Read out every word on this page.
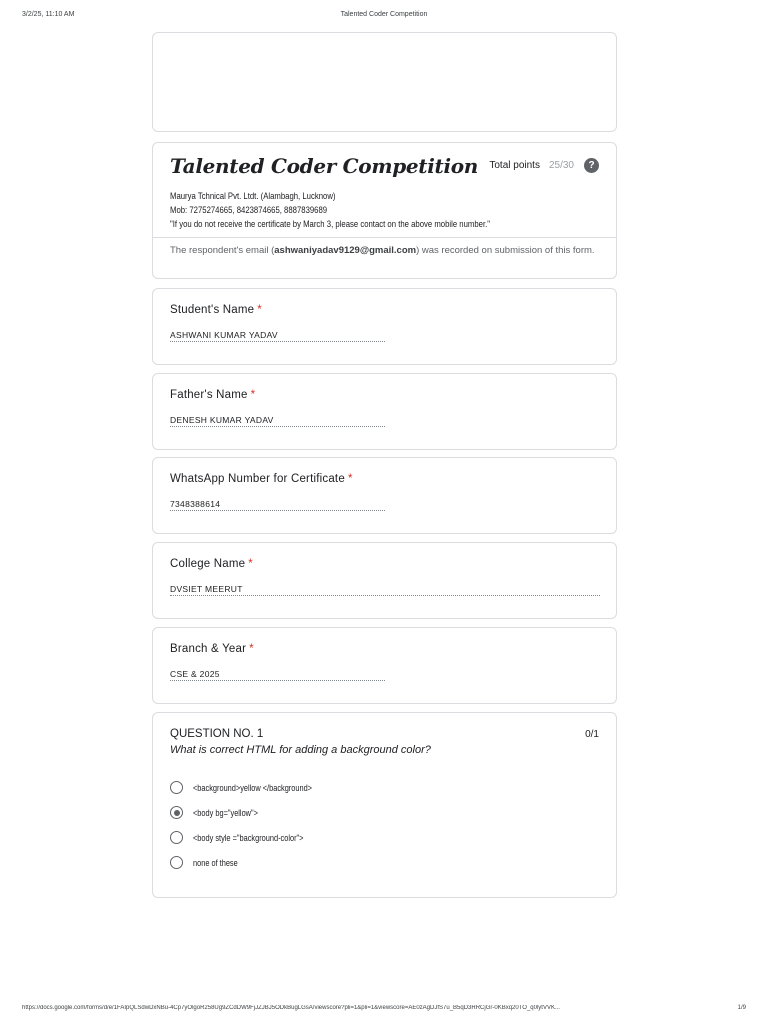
3/2/25, 11:10 AM	Talented Coder Competition
Talented Coder Competition Total points 25/30	?
Maurya Tchnical Pvt. Ltdt. (Alambagh, Lucknow)
Mob: 7275274665, 8423874665, 8887839689
"If you do not receive the certificate by March 3, please contact on the above mobile number."
The respondent's email (ashwaniyadav9129@gmail.com) was recorded on submission of this form.
Student's Name *
ASHWANI KUMAR YADAV
Father's Name *
DENESH KUMAR YADAV
WhatsApp Number for Certificate *
7348388614
College Name *
DVSIET MEERUT
Branch & Year *
CSE & 2025
QUESTION NO. 1	0/1
What is correct HTML for adding a background color?
<background>yellow </background>
<body bg="yellow">
<body style ="background-color">
none of these
https://docs.google.com/forms/d/e/1FAIpQLSdwDxNBu-4Cp7yOlgoR258Ug9ZCdDW9FjJZJBJ5ODkBugLGsA/viewscore?pli=1&pli=1&viewscore=AE0zAgDJfS7u_B5qD3RRCjGr-0KBxq20TO_q0lytVVK...	1/9
